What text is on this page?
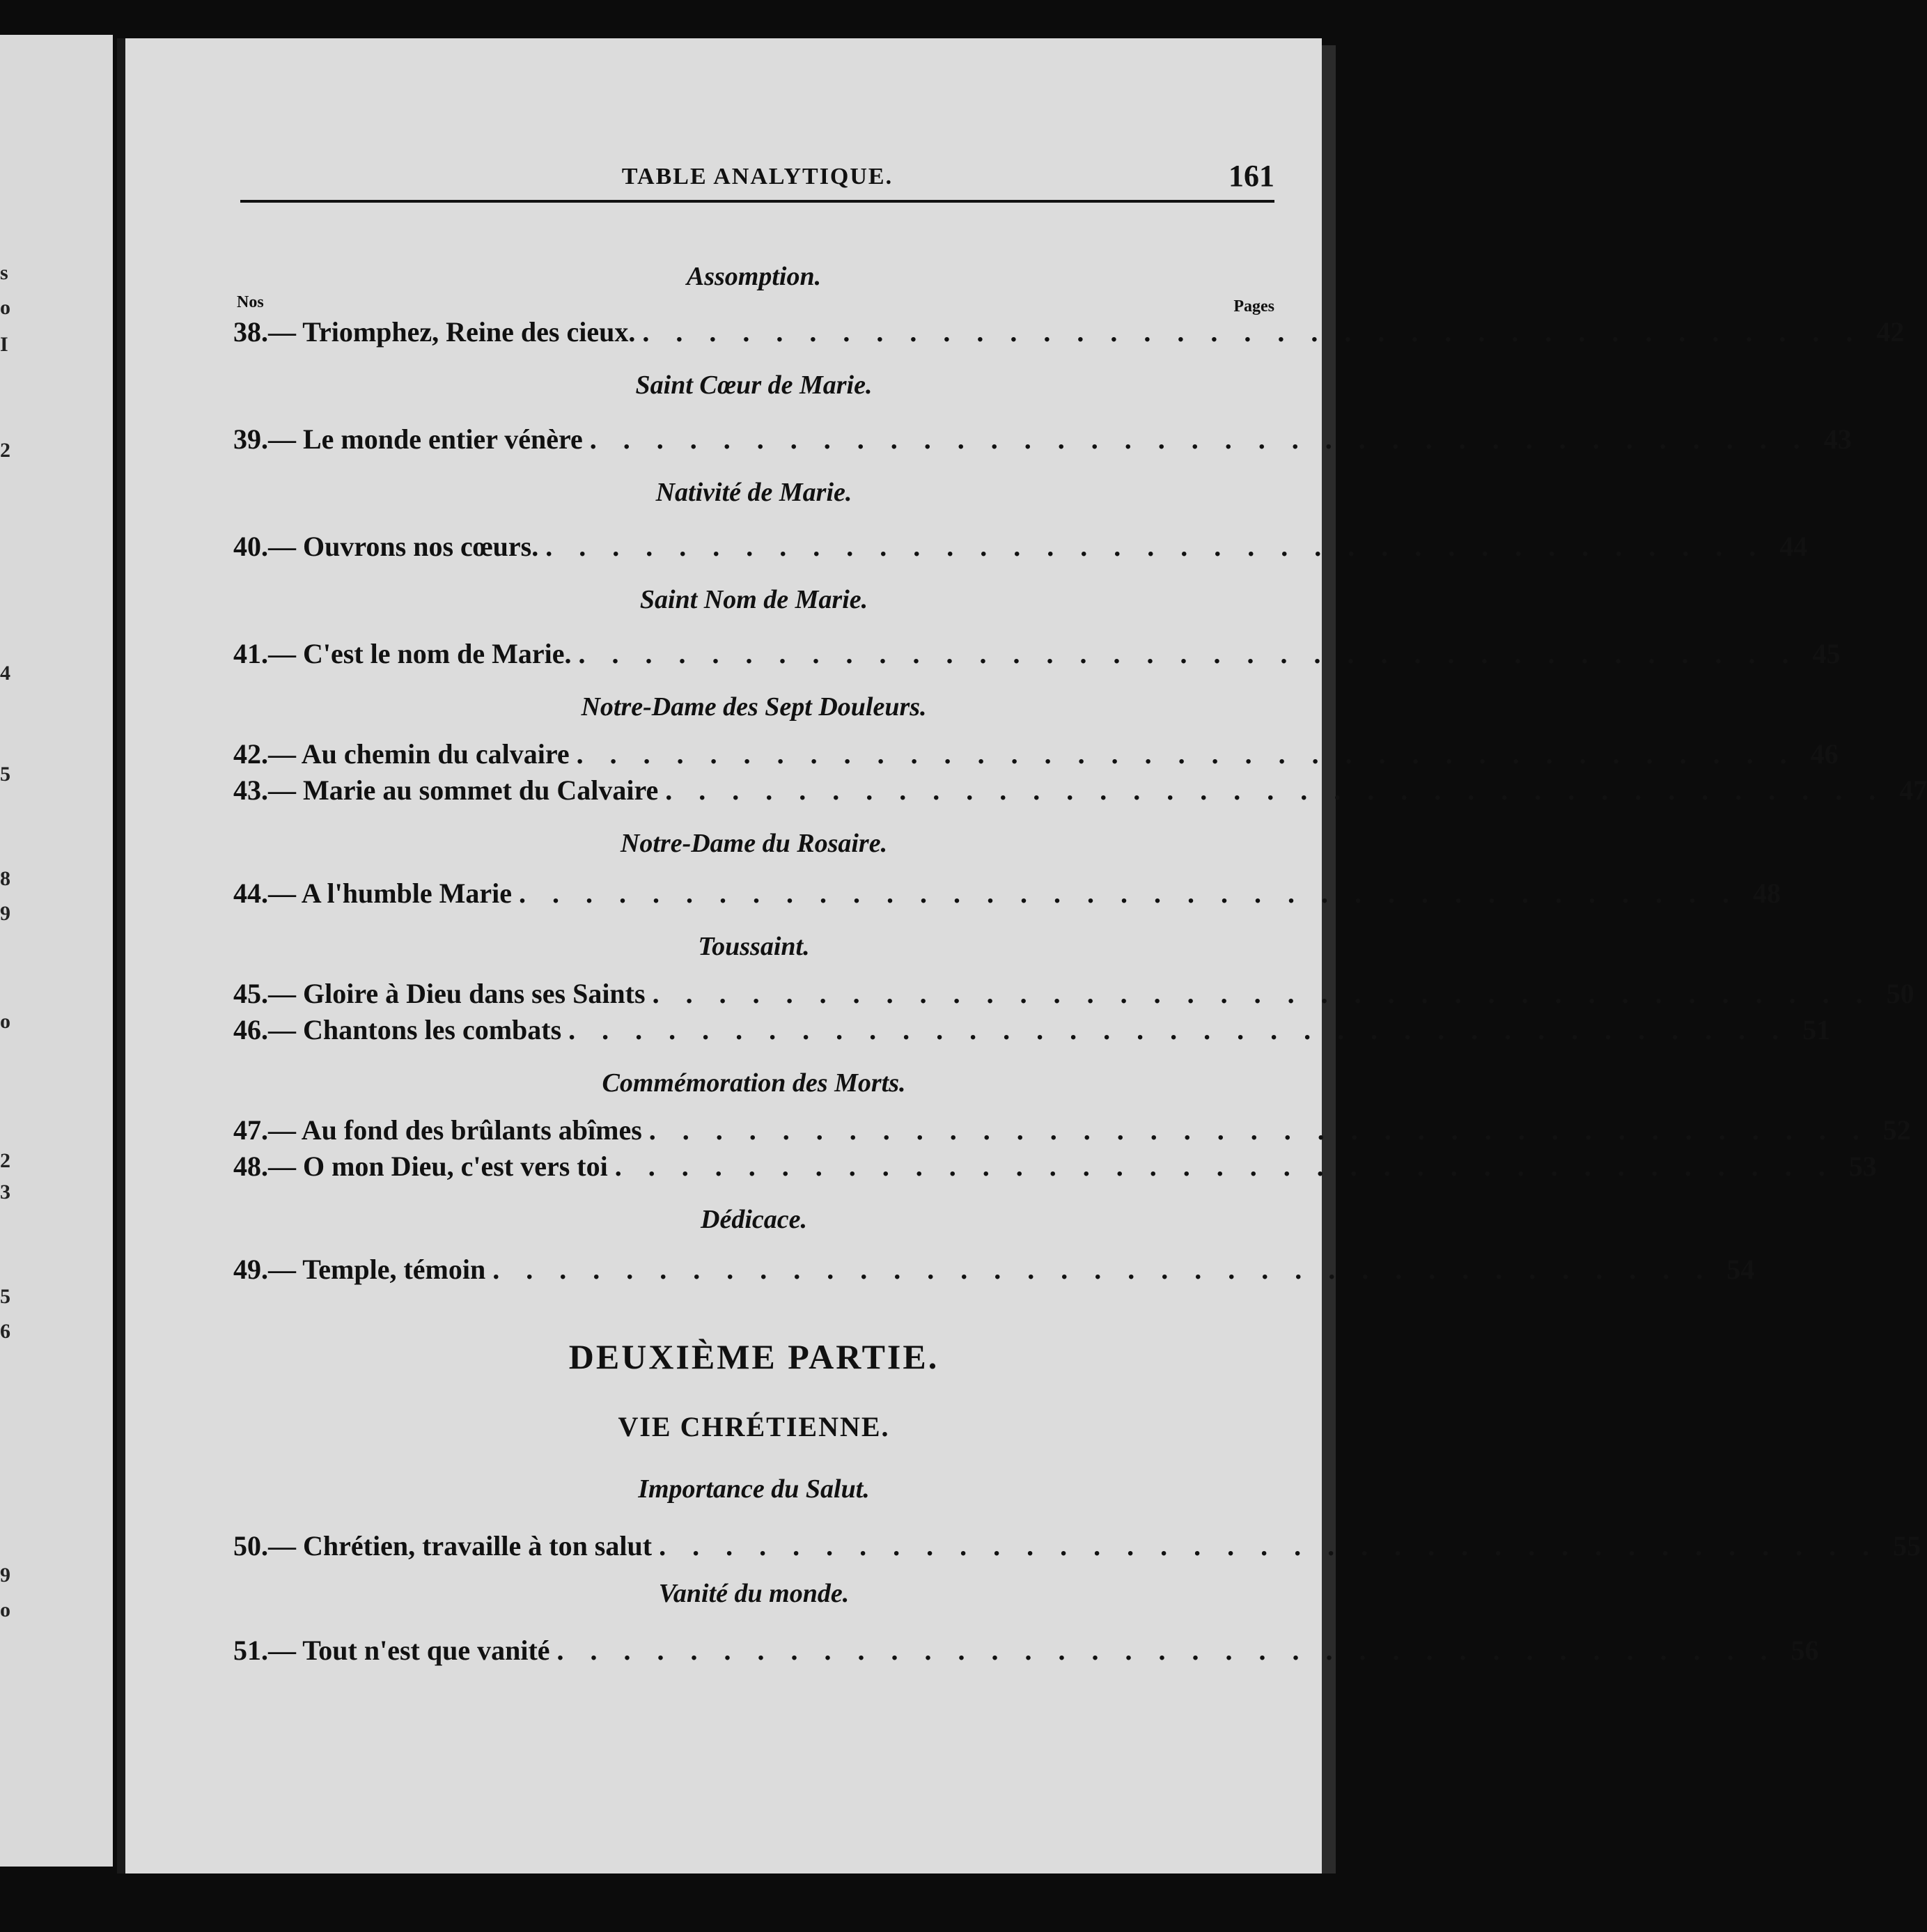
s
o
I
2
4
5
8
9
o
2
3
5
6
9
o
TABLE ANALYTIQUE.	161

Assomption.

Nos	Pages
38. — Triomphez, Reine des cieux. . . . . . . . . . . . . . . . . . . . . . . . . . . . . . . . . . . . . . 42

Saint Cœur de Marie.

39. — Le monde entier vénère . . . . . . . . . . . . . . . . . . . . . . . . . . . . . . . . . . . . . 43

Nativité de Marie.

40. — Ouvrons nos cœurs. . . . . . . . . . . . . . . . . . . . . . . . . . . . . . . . . . . . . . 44

Saint Nom de Marie.

41. — C'est le nom de Marie. . . . . . . . . . . . . . . . . . . . . . . . . . . . . . . . . . . . . . 45

Notre-Dame des Sept Douleurs.

42. — Au chemin du calvaire . . . . . . . . . . . . . . . . . . . . . . . . . . . . . . . . . . . . . 46
43. — Marie au sommet du Calvaire . . . . . . . . . . . . . . . . . . . . . . . . . . . . . . . . . . . . . 47

Notre-Dame du Rosaire.

44. — A l'humble Marie . . . . . . . . . . . . . . . . . . . . . . . . . . . . . . . . . . . . . 48

Toussaint.

45. — Gloire à Dieu dans ses Saints . . . . . . . . . . . . . . . . . . . . . . . . . . . . . . . . . . . . . 50
46. — Chantons les combats . . . . . . . . . . . . . . . . . . . . . . . . . . . . . . . . . . . . . 51

Commémoration des Morts.

47. — Au fond des brûlants abîmes . . . . . . . . . . . . . . . . . . . . . . . . . . . . . . . . . . . . . 52
48. — O mon Dieu, c'est vers toi . . . . . . . . . . . . . . . . . . . . . . . . . . . . . . . . . . . . . 53

Dédicace.

49. — Temple, témoin . . . . . . . . . . . . . . . . . . . . . . . . . . . . . . . . . . . . . 54

DEUXIÈME PARTIE.

VIE CHRÉTIENNE.

Importance du Salut.

50. — Chrétien, travaille à ton salut . . . . . . . . . . . . . . . . . . . . . . . . . . . . . . . . . . . . . 55

Vanité du monde.

51. — Tout n'est que vanité . . . . . . . . . . . . . . . . . . . . . . . . . . . . . . . . . . . . . 56
